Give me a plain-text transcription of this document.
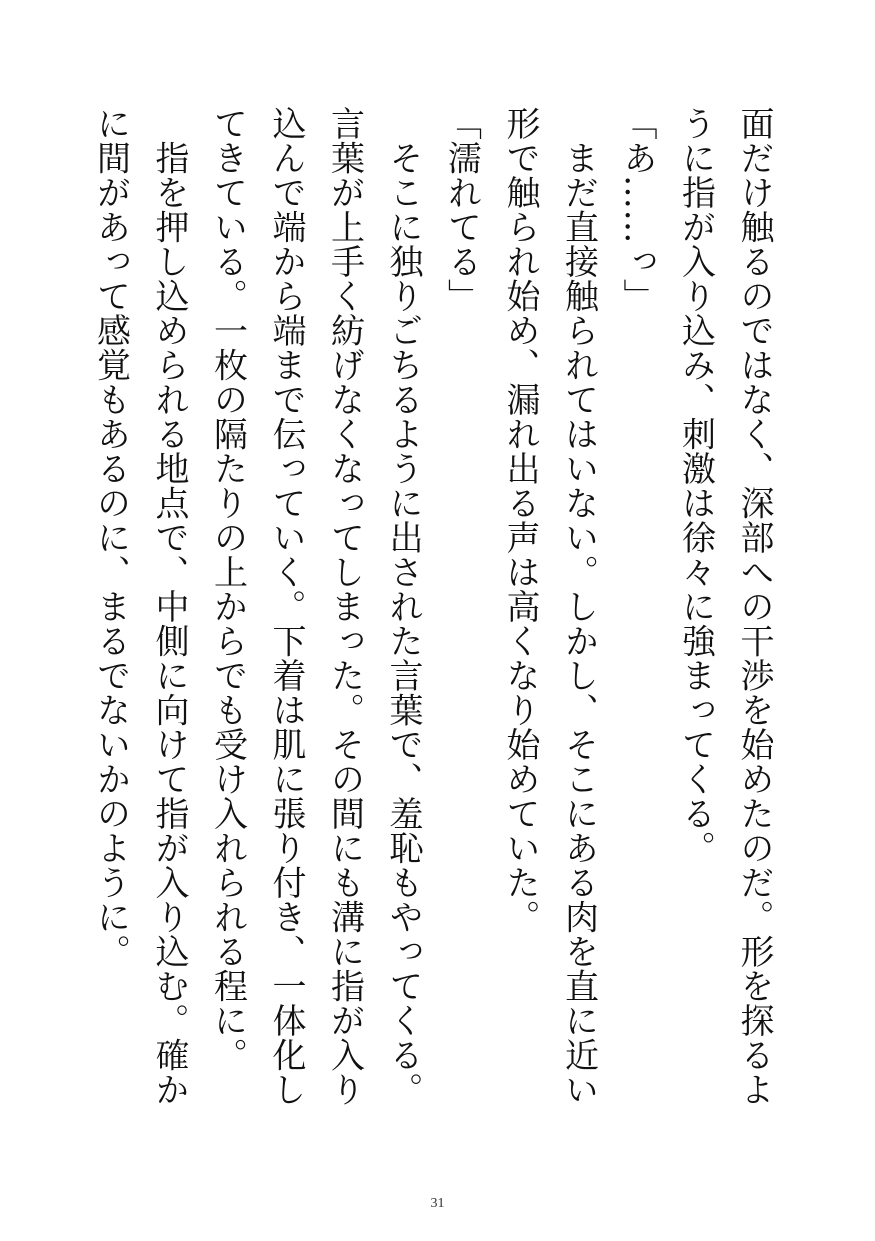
面だけ触るのではなく、深部への干渉を始めたのだ。形を探るよ
うに指が入り込み、刺激は徐々に強まってくる。
「あ……っ」
　まだ直接触られてはいない。しかし、そこにある肉を直に近い
形で触られ始め、漏れ出る声は高くなり始めていた。
「濡れてる」
　そこに独りごちるように出された言葉で、羞恥もやってくる。
言葉が上手く紡げなくなってしまった。その間にも溝に指が入り
込んで端から端まで伝っていく。下着は肌に張り付き、一体化し
てきている。一枚の隔たりの上からでも受け入れられる程に。
　指を押し込められる地点で、中側に向けて指が入り込む。確か
に間があって感覚もあるのに、まるでないかのように。
31
